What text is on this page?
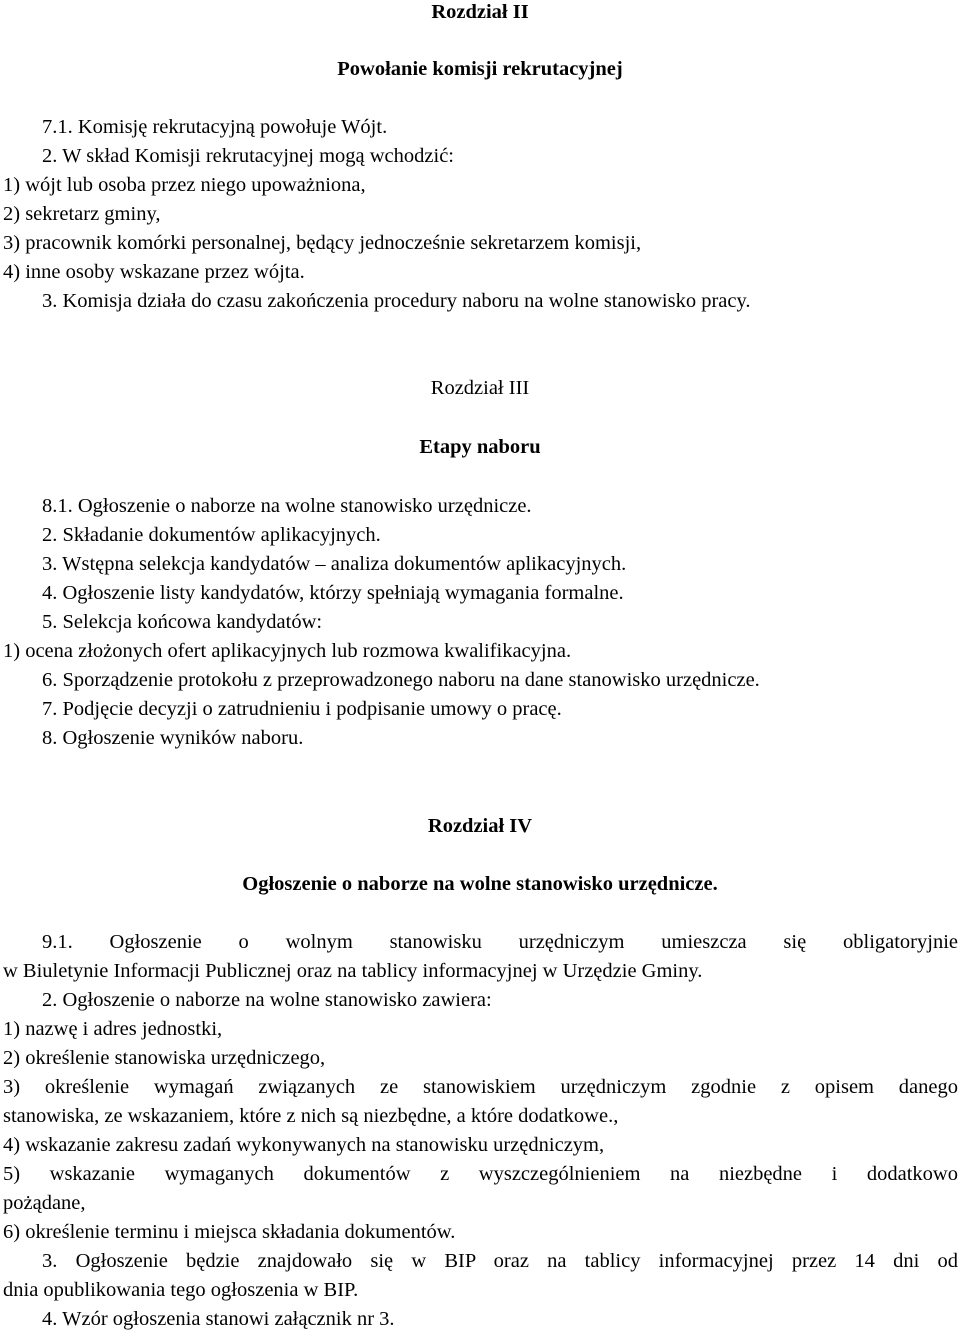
Rozdział II
Powołanie komisji rekrutacyjnej
7.1. Komisję rekrutacyjną powołuje Wójt.
2. W skład Komisji rekrutacyjnej mogą wchodzić:
1) wójt lub osoba przez niego upoważniona,
2) sekretarz gminy,
3) pracownik komórki personalnej, będący jednocześnie sekretarzem komisji,
4) inne osoby wskazane przez wójta.
3. Komisja działa do czasu zakończenia procedury naboru na wolne stanowisko pracy.
Rozdział III
Etapy naboru
8.1. Ogłoszenie o naborze na wolne stanowisko urzędnicze.
2. Składanie dokumentów aplikacyjnych.
3. Wstępna selekcja kandydatów – analiza dokumentów aplikacyjnych.
4. Ogłoszenie listy kandydatów, którzy spełniają wymagania formalne.
5. Selekcja końcowa kandydatów:
1) ocena złożonych ofert aplikacyjnych lub rozmowa kwalifikacyjna.
6. Sporządzenie protokołu z przeprowadzonego naboru na dane stanowisko urzędnicze.
7. Podjęcie decyzji o zatrudnieniu i podpisanie umowy o pracę.
8. Ogłoszenie wyników naboru.
Rozdział IV
Ogłoszenie o naborze na wolne stanowisko urzędnicze.
9.1. Ogłoszenie o wolnym stanowisku urzędniczym umieszcza się obligatoryjnie
w Biuletynie Informacji Publicznej oraz na tablicy informacyjnej w Urzędzie Gminy.
2. Ogłoszenie o naborze na wolne stanowisko zawiera:
1) nazwę i adres jednostki,
2) określenie stanowiska urzędniczego,
3) określenie wymagań związanych ze stanowiskiem urzędniczym zgodnie z opisem danego
stanowiska, ze wskazaniem, które z nich są niezbędne, a które dodatkowe.,
4) wskazanie zakresu zadań wykonywanych na stanowisku urzędniczym,
5) wskazanie wymaganych dokumentów z wyszczególnieniem na niezbędne i dodatkowo
pożądane,
6) określenie terminu i miejsca składania dokumentów.
3. Ogłoszenie będzie znajdowało się w BIP oraz na tablicy informacyjnej przez 14 dni od
dnia opublikowania tego ogłoszenia w BIP.
4. Wzór ogłoszenia stanowi załącznik nr 3.
